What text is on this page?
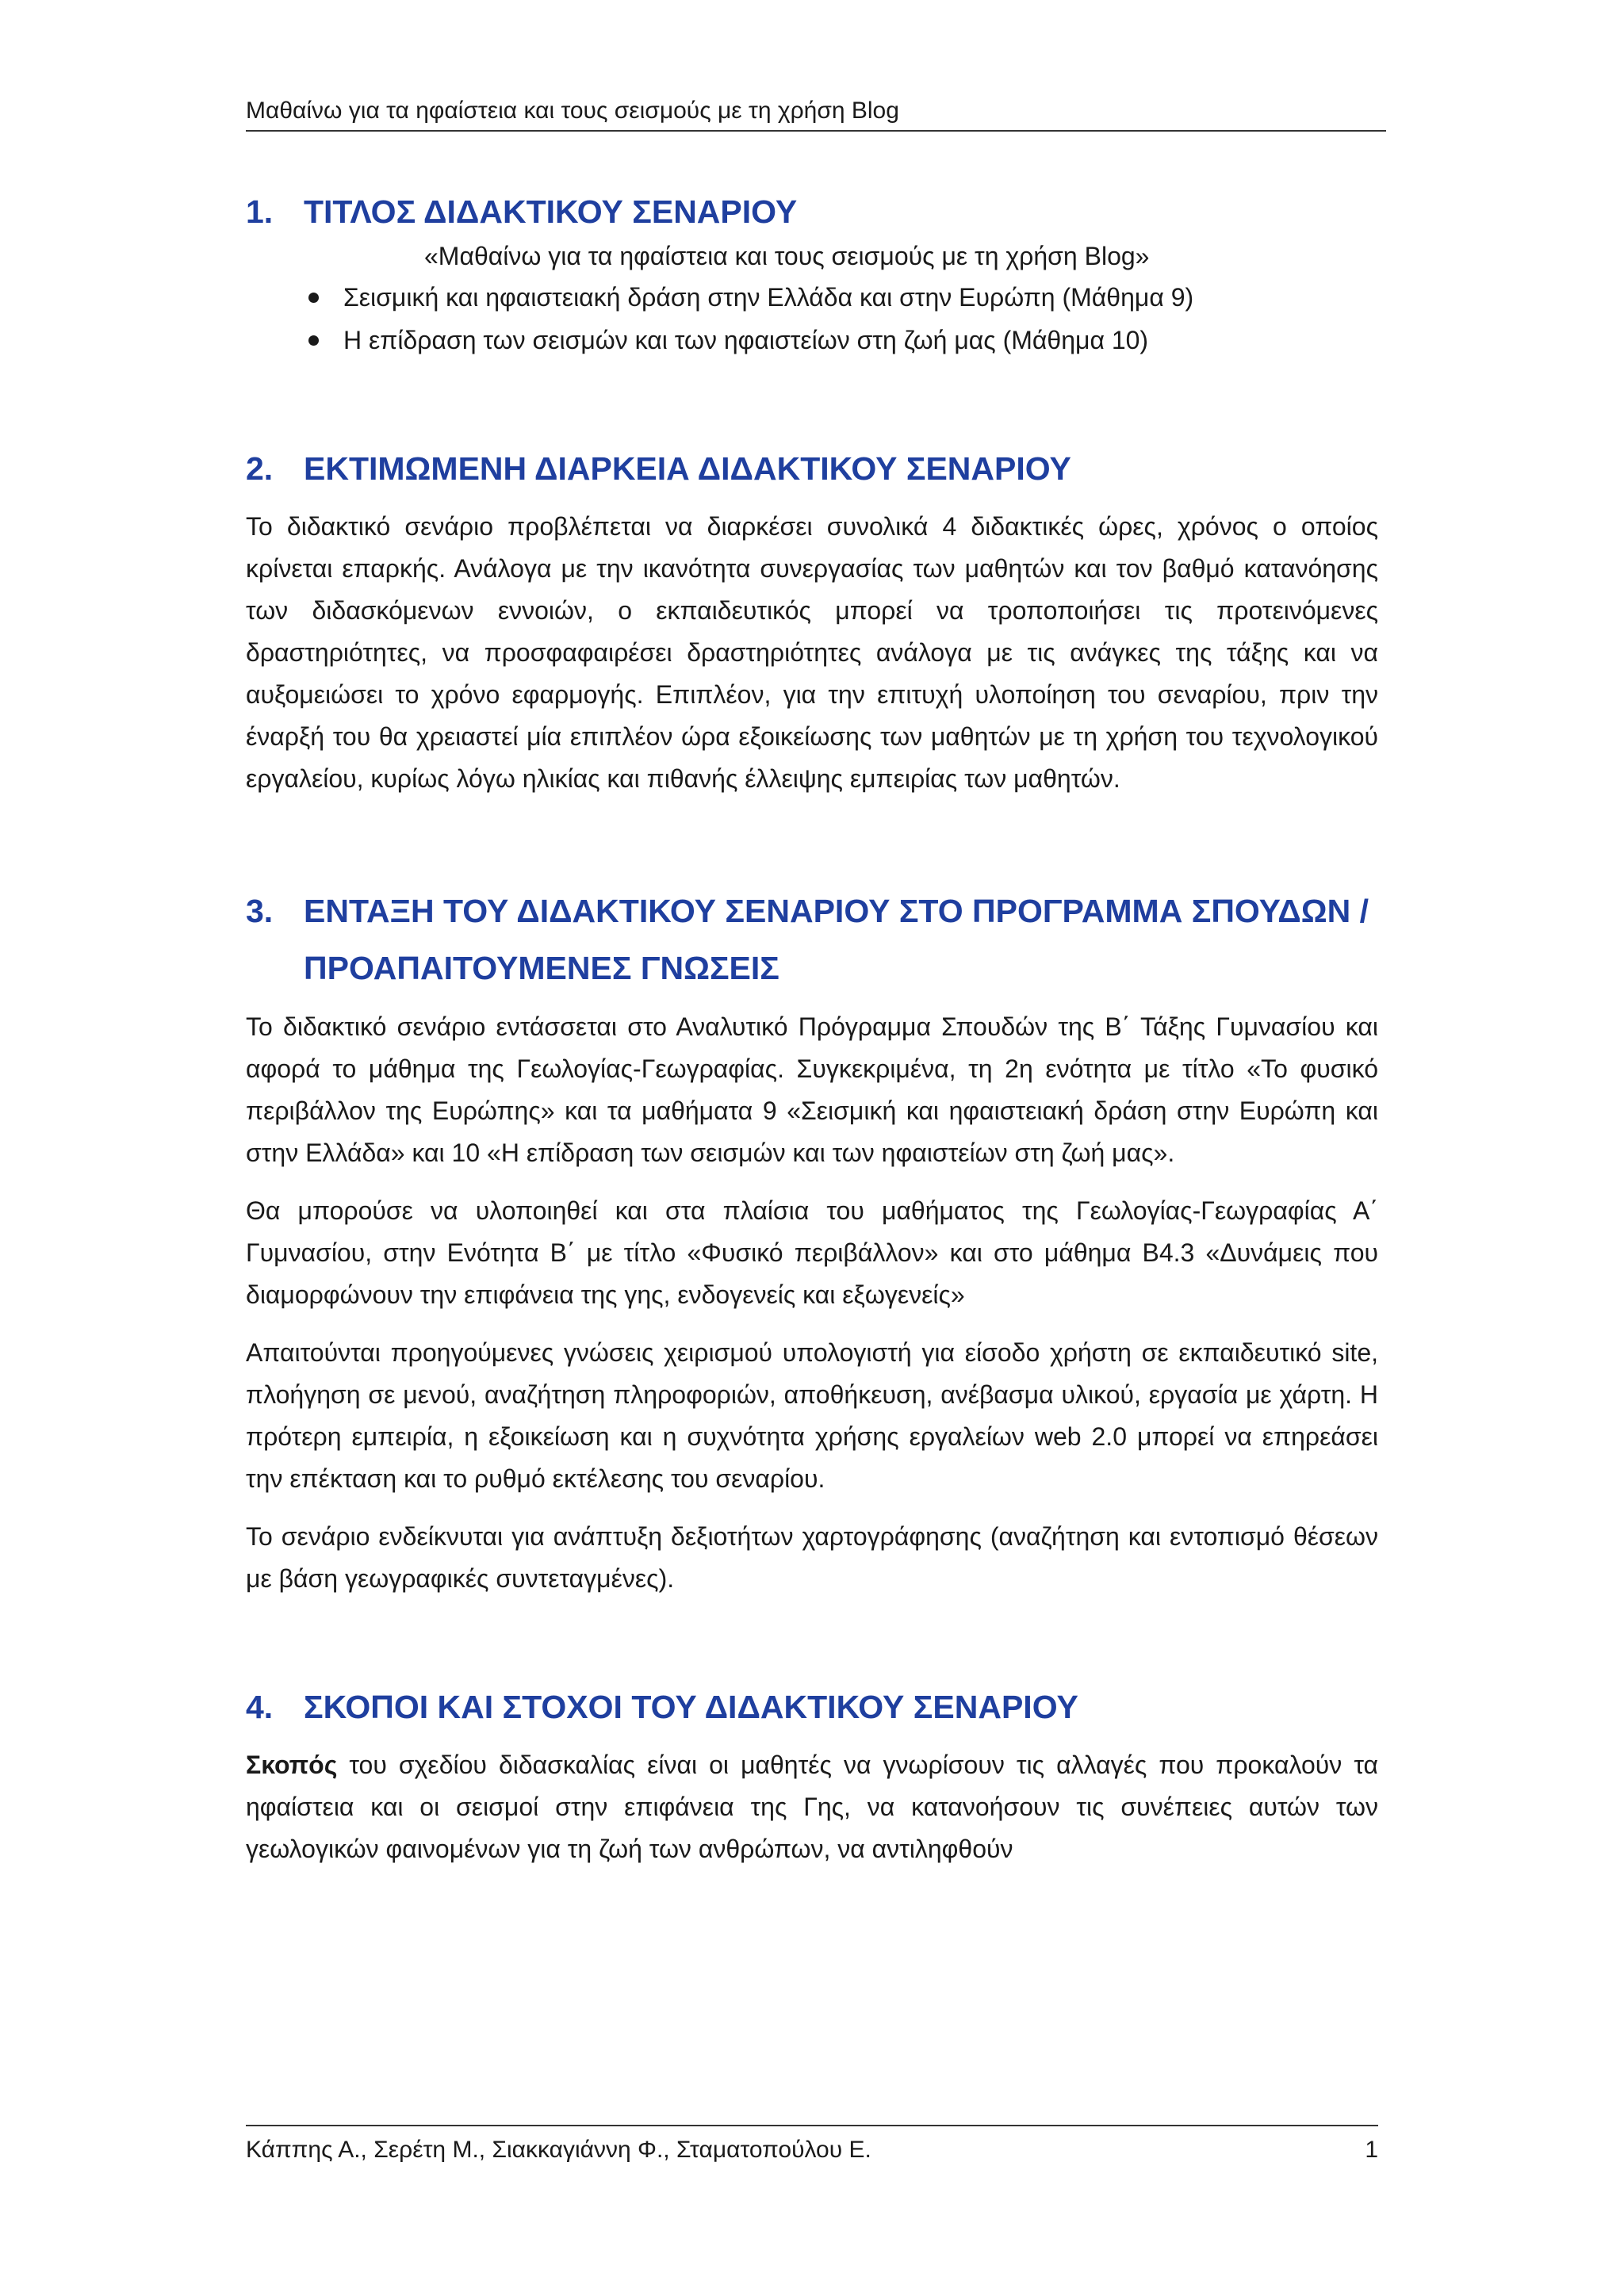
Μαθαίνω για τα ηφαίστεια και τους σεισμούς με τη χρήση Blog
1. ΤΙΤΛΟΣ ΔΙΔΑΚΤΙΚΟΥ ΣΕΝΑΡΙΟΥ

«Μαθαίνω για τα ηφαίστεια και τους σεισμούς με τη χρήση Blog»

Σεισμική και ηφαιστειακή δράση στην Ελλάδα και στην Ευρώπη (Μάθημα 9)
Η επίδραση των σεισμών και των ηφαιστείων στη ζωή μας (Μάθημα 10)
2. ΕΚΤΙΜΩΜΕΝΗ ΔΙΑΡΚΕΙΑ ΔΙΔΑΚΤΙΚΟΥ ΣΕΝΑΡΙΟΥ

Το διδακτικό σενάριο προβλέπεται να διαρκέσει συνολικά 4 διδακτικές ώρες, χρόνος ο οποίος κρίνεται επαρκής. Ανάλογα με την ικανότητα συνεργασίας των μαθητών και τον βαθμό κατανόησης των διδασκόμενων εννοιών, ο εκπαιδευτικός μπορεί να τροποποιήσει τις προτεινόμενες δραστηριότητες, να προσφαφαιρέσει δραστηριότητες ανάλογα με τις ανάγκες της τάξης και να αυξομειώσει το χρόνο εφαρμογής. Επιπλέον, για την επιτυχή υλοποίηση του σεναρίου, πριν την έναρξή του θα χρειαστεί μία επιπλέον ώρα εξοικείωσης των μαθητών με τη χρήση του τεχνολογικού εργαλείου, κυρίως λόγω ηλικίας και πιθανής έλλειψης εμπειρίας των μαθητών.

3. ΕΝΤΑΞΗ ΤΟΥ ΔΙΔΑΚΤΙΚΟΥ ΣΕΝΑΡΙΟΥ ΣΤΟ ΠΡΟΓΡΑΜΜΑ ΣΠΟΥΔΩΝ / ΠΡΟΑΠΑΙΤΟΥΜΕΝΕΣ ΓΝΩΣΕΙΣ

Το διδακτικό σενάριο εντάσσεται στο Αναλυτικό Πρόγραμμα Σπουδών της Β΄ Τάξης Γυμνασίου και αφορά το μάθημα της Γεωλογίας-Γεωγραφίας. Συγκεκριμένα, τη 2η ενότητα με τίτλο «Το φυσικό περιβάλλον της Ευρώπης» και τα μαθήματα 9 «Σεισμική και ηφαιστειακή δράση στην Ευρώπη και στην Ελλάδα» και 10 «Η επίδραση των σεισμών και των ηφαιστείων στη ζωή μας».

Θα μπορούσε να υλοποιηθεί και στα πλαίσια του μαθήματος της Γεωλογίας-Γεωγραφίας Α΄ Γυμνασίου, στην Ενότητα Β΄ με τίτλο «Φυσικό περιβάλλον» και στο μάθημα Β4.3 «Δυνάμεις που διαμορφώνουν την επιφάνεια της γης, ενδογενείς και εξωγενείς»

Απαιτούνται προηγούμενες γνώσεις χειρισμού υπολογιστή για είσοδο χρήστη σε εκπαιδευτικό site, πλοήγηση σε μενού, αναζήτηση πληροφοριών, αποθήκευση, ανέβασμα υλικού, εργασία με χάρτη. Η πρότερη εμπειρία, η εξοικείωση και η συχνότητα χρήσης εργαλείων web 2.0 μπορεί να επηρεάσει την επέκταση και το ρυθμό εκτέλεσης του σεναρίου.

Το σενάριο ενδείκνυται για ανάπτυξη δεξιοτήτων χαρτογράφησης (αναζήτηση και εντοπισμό θέσεων με βάση γεωγραφικές συντεταγμένες).

4. ΣΚΟΠΟΙ ΚΑΙ ΣΤΟΧΟΙ ΤΟΥ ΔΙΔΑΚΤΙΚΟΥ ΣΕΝΑΡΙΟΥ

Σκοπός του σχεδίου διδασκαλίας είναι οι μαθητές να γνωρίσουν τις αλλαγές που προκαλούν τα ηφαίστεια και οι σεισμοί στην επιφάνεια της Γης, να κατανοήσουν τις συνέπειες αυτών των γεωλογικών φαινομένων για τη ζωή των ανθρώπων, να αντιληφθούν

Κάππης Α., Σερέτη Μ., Σιακκαγιάννη Φ., Σταματοπούλου Ε.	1
